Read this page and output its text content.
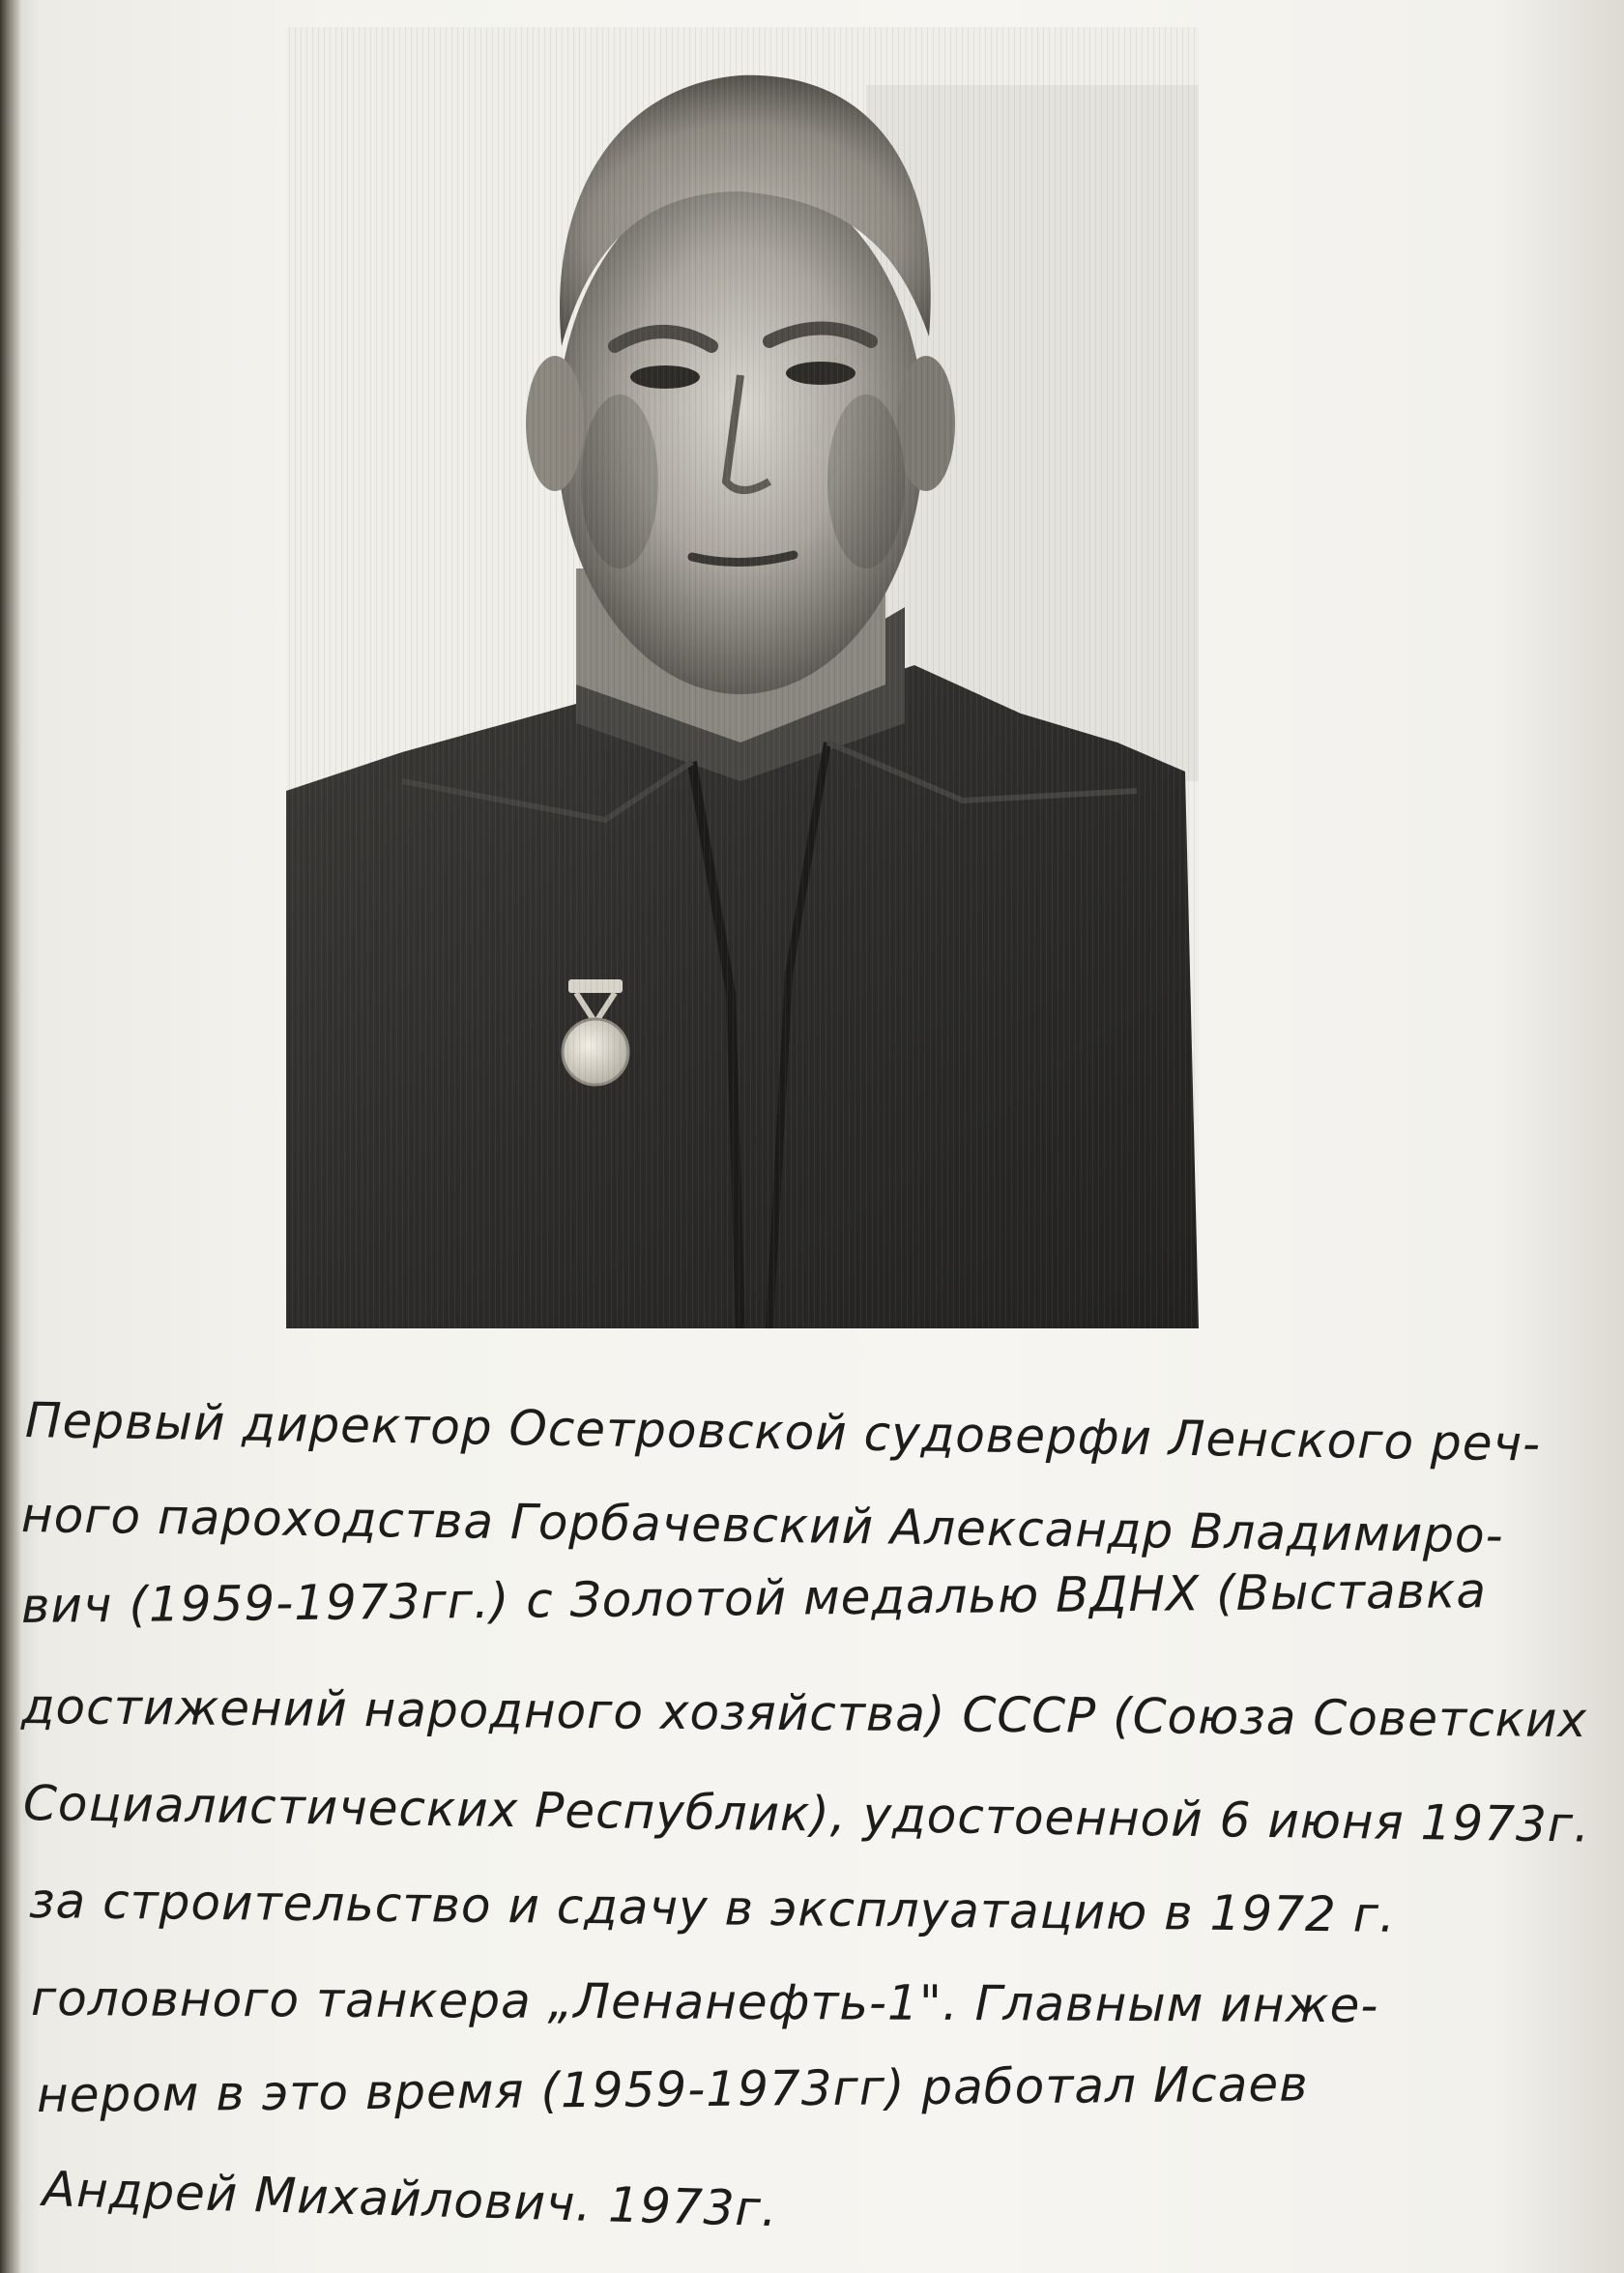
Первый директор Осетровской судоверфи Ленского реч-
ного пароходства Горбачевский Александр Владимиро-
вич (1959-1973гг.) с Золотой медалью ВДНХ (Выставка
достижений народного хозяйства) СССР (Союза Советских
Социалистических Республик), удостоенной 6 июня 1973г.
за строительство и сдачу в эксплуатацию в 1972 г.
головного танкера „Ленанефть-1". Главным инже-
нером в это время (1959-1973гг) работал Исаев
Андрей Михайлович. 1973г.
